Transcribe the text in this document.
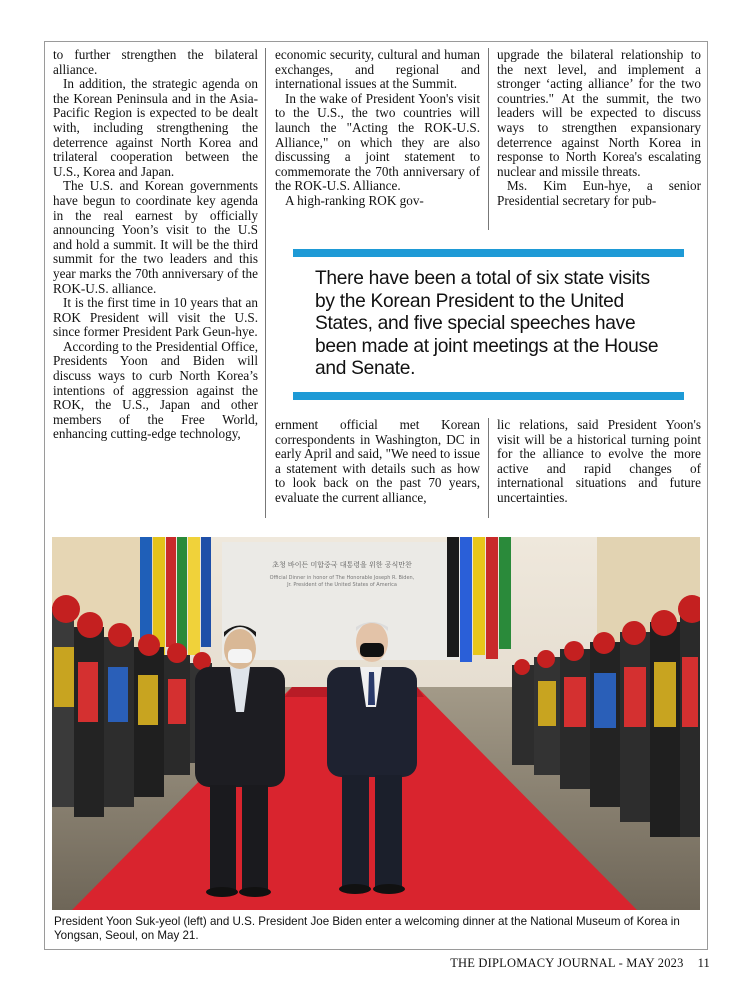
to further strengthen the bilateral alliance.

In addition, the strategic agenda on the Korean Peninsula and in the Asia-Pacific Region is expected to be dealt with, including strengthening the deterrence against North Korea and trilateral cooperation between the U.S., Korea and Japan.

The U.S. and Korean governments have begun to coordinate key agenda in the real earnest by officially announcing Yoon’s visit to the U.S and hold a summit. It will be the third summit for the two leaders and this year marks the 70th anniversary of the ROK-U.S. alliance.

It is the first time in 10 years that an ROK President will visit the U.S. since former President Park Geun-hye.

According to the Presidential Office, Presidents Yoon and Biden will discuss ways to curb North Korea’s intentions of aggression against the ROK, the U.S., Japan and other members of the Free World, enhancing cutting-edge technology,

economic security, cultural and human exchanges, and regional and international issues at the Summit.

In the wake of President Yoon's visit to the U.S., the two countries will launch the "Acting the ROK-U.S. Alliance," on which they are also discussing a joint statement to commemorate the 70th anniversary of the ROK-U.S. Alliance.

A high-ranking ROK gov-

upgrade the bilateral relationship to the next level, and implement a stronger ‘acting alliance’ for the two countries." At the summit, the two leaders will be expected to discuss ways to strengthen expansionary deterrence against North Korea in response to North Korea's escalating nuclear and missile threats.

Ms. Kim Eun-hye, a senior Presidential secretary for pub-

There have been a total of six state visits by the Korean President to the United States, and five special speeches have been made at joint meetings at the House and Senate.

ernment official met Korean correspondents in Washington, DC in early April and said, "We need to issue a statement with details such as how to look back on the past 70 years, evaluate the current alliance,

lic relations, said President Yoon's visit will be a historical turning point for the alliance to evolve the more active and rapid changes of international situations and future uncertainties.

초청 바이든 미합중국 대통령을 위한 공식만찬
Official Dinner in honor of The Honorable Joseph R. Biden, Jr. President of the United States of America
President Yoon Suk-yeol (left) and U.S. President Joe Biden enter a welcoming dinner at the National Museum of Korea in Yongsan, Seoul, on May 21.
THE DIPLOMACY JOURNAL - MAY 2023 11
